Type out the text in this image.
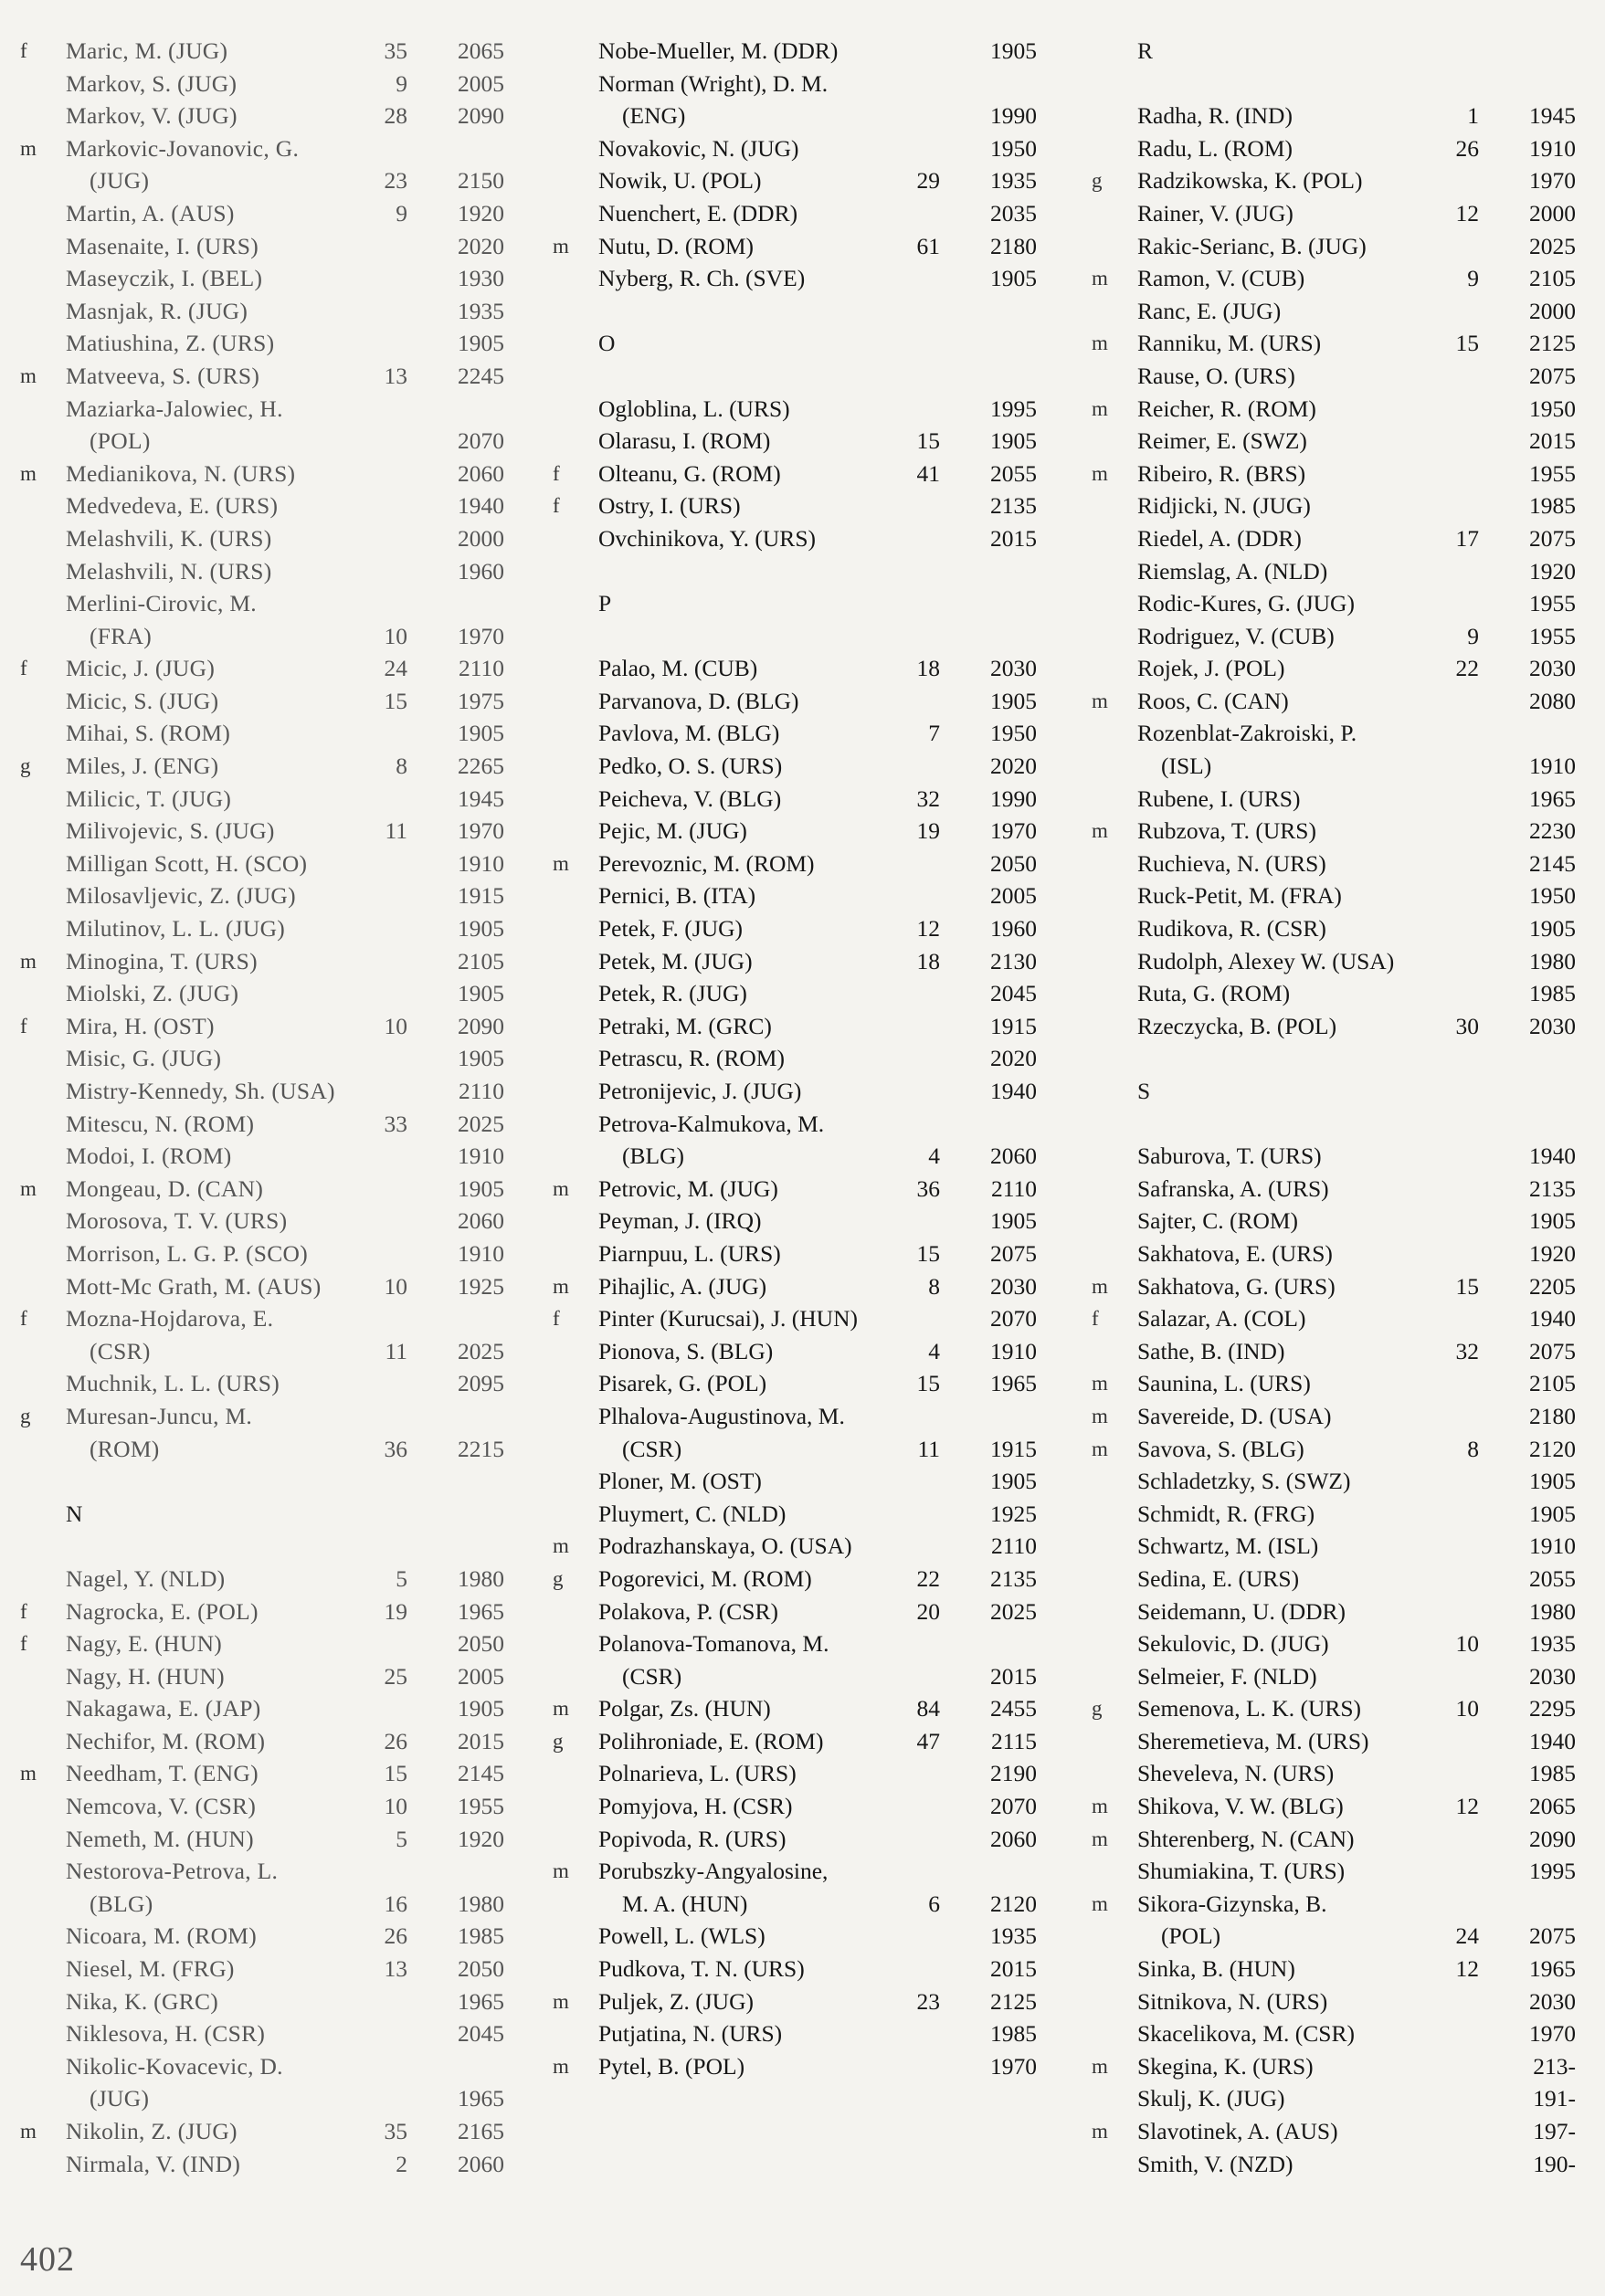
f	Maric, M. (JUG)	35	2065
Markov, S. (JUG)	9	2005
Markov, V. (JUG)	28	2090
m	Markovic-Jovanovic, G.
(JUG)	23	2150
Martin, A. (AUS)	9	1920
Masenaite, I. (URS)	2020
Maseyczik, I. (BEL)	1930
Masnjak, R. (JUG)	1935
Matiushina, Z. (URS)	1905
m	Matveeva, S. (URS)	13	2245
Maziarka-Jalowiec, H.
(POL)	2070
m	Medianikova, N. (URS)	2060
Medvedeva, E. (URS)	1940
Melashvili, K. (URS)	2000
Melashvili, N. (URS)	1960
Merlini-Cirovic, M.
(FRA)	10	1970
f	Micic, J. (JUG)	24	2110
Micic, S. (JUG)	15	1975
Mihai, S. (ROM)	1905
g	Miles, J. (ENG)	8	2265
Milicic, T. (JUG)	1945
Milivojevic, S. (JUG)	11	1970
Milligan Scott, H. (SCO)	1910
Milosavljevic, Z. (JUG)	1915
Milutinov, L. L. (JUG)	1905
m	Minogina, T. (URS)	2105
Miolski, Z. (JUG)	1905
f	Mira, H. (OST)	10	2090
Misic, G. (JUG)	1905
Mistry-Kennedy, Sh. (USA)	2110
Mitescu, N. (ROM)	33	2025
Modoi, I. (ROM)	1910
m	Mongeau, D. (CAN)	1905
Morosova, T. V. (URS)	2060
Morrison, L. G. P. (SCO)	1910
Mott-Mc Grath, M. (AUS)	10	1925
f	Mozna-Hojdarova, E.
(CSR)	11	2025
Muchnik, L. L. (URS)	2095
g	Muresan-Juncu, M.
(ROM)	36	2215
N
Nagel, Y. (NLD)	5	1980
f	Nagrocka, E. (POL)	19	1965
f	Nagy, E. (HUN)	2050
Nagy, H. (HUN)	25	2005
Nakagawa, E. (JAP)	1905
Nechifor, M. (ROM)	26	2015
m	Needham, T. (ENG)	15	2145
Nemcova, V. (CSR)	10	1955
Nemeth, M. (HUN)	5	1920
Nestorova-Petrova, L.
(BLG)	16	1980
Nicoara, M. (ROM)	26	1985
Niesel, M. (FRG)	13	2050
Nika, K. (GRC)	1965
Niklesova, H. (CSR)	2045
Nikolic-Kovacevic, D.
(JUG)	1965
m	Nikolin, Z. (JUG)	35	2165
Nirmala, V. (IND)	2	2060
Nobe-Mueller, M. (DDR)	1905
Norman (Wright), D. M.
(ENG)	1990
Novakovic, N. (JUG)	1950
Nowik, U. (POL)	29	1935
Nuenchert, E. (DDR)	2035
m	Nutu, D. (ROM)	61	2180
Nyberg, R. Ch. (SVE)	1905
O
Ogloblina, L. (URS)	1995
Olarasu, I. (ROM)	15	1905
f	Olteanu, G. (ROM)	41	2055
f	Ostry, I. (URS)	2135
Ovchinikova, Y. (URS)	2015
P
Palao, M. (CUB)	18	2030
Parvanova, D. (BLG)	1905
Pavlova, M. (BLG)	7	1950
Pedko, O. S. (URS)	2020
Peicheva, V. (BLG)	32	1990
Pejic, M. (JUG)	19	1970
m	Perevoznic, M. (ROM)	2050
Pernici, B. (ITA)	2005
Petek, F. (JUG)	12	1960
Petek, M. (JUG)	18	2130
Petek, R. (JUG)	2045
Petraki, M. (GRC)	1915
Petrascu, R. (ROM)	2020
Petronijevic, J. (JUG)	1940
Petrova-Kalmukova, M.
(BLG)	4	2060
m	Petrovic, M. (JUG)	36	2110
Peyman, J. (IRQ)	1905
Piarnpuu, L. (URS)	15	2075
m	Pihajlic, A. (JUG)	8	2030
f	Pinter (Kurucsai), J. (HUN)	2070
Pionova, S. (BLG)	4	1910
Pisarek, G. (POL)	15	1965
Plhalova-Augustinova, M.
(CSR)	11	1915
Ploner, M. (OST)	1905
Pluymert, C. (NLD)	1925
m	Podrazhanskaya, O. (USA)	2110
g	Pogorevici, M. (ROM)	22	2135
Polakova, P. (CSR)	20	2025
Polanova-Tomanova, M.
(CSR)	2015
m	Polgar, Zs. (HUN)	84	2455
g	Polihroniade, E. (ROM)	47	2115
Polnarieva, L. (URS)	2190
Pomyjova, H. (CSR)	2070
Popivoda, R. (URS)	2060
m	Porubszky-Angyalosine,
M. A. (HUN)	6	2120
Powell, L. (WLS)	1935
Pudkova, T. N. (URS)	2015
m	Puljek, Z. (JUG)	23	2125
Putjatina, N. (URS)	1985
m	Pytel, B. (POL)	1970
R
Radha, R. (IND)	1	1945
Radu, L. (ROM)	26	1910
g	Radzikowska, K. (POL)	1970
Rainer, V. (JUG)	12	2000
Rakic-Serianc, B. (JUG)	2025
m	Ramon, V. (CUB)	9	2105
Ranc, E. (JUG)	2000
m	Ranniku, M. (URS)	15	2125
Rause, O. (URS)	2075
m	Reicher, R. (ROM)	1950
Reimer, E. (SWZ)	2015
m	Ribeiro, R. (BRS)	1955
Ridjicki, N. (JUG)	1985
Riedel, A. (DDR)	17	2075
Riemslag, A. (NLD)	1920
Rodic-Kures, G. (JUG)	1955
Rodriguez, V. (CUB)	9	1955
Rojek, J. (POL)	22	2030
m	Roos, C. (CAN)	2080
Rozenblat-Zakroiski, P.
(ISL)	1910
Rubene, I. (URS)	1965
m	Rubzova, T. (URS)	2230
Ruchieva, N. (URS)	2145
Ruck-Petit, M. (FRA)	1950
Rudikova, R. (CSR)	1905
Rudolph, Alexey W. (USA)	1980
Ruta, G. (ROM)	1985
Rzeczycka, B. (POL)	30	2030
S
Saburova, T. (URS)	1940
Safranska, A. (URS)	2135
Sajter, C. (ROM)	1905
Sakhatova, E. (URS)	1920
m	Sakhatova, G. (URS)	15	2205
f	Salazar, A. (COL)	1940
Sathe, B. (IND)	32	2075
m	Saunina, L. (URS)	2105
m	Savereide, D. (USA)	2180
m	Savova, S. (BLG)	8	2120
Schladetzky, S. (SWZ)	1905
Schmidt, R. (FRG)	1905
Schwartz, M. (ISL)	1910
Sedina, E. (URS)	2055
Seidemann, U. (DDR)	1980
Sekulovic, D. (JUG)	10	1935
Selmeier, F. (NLD)	2030
g	Semenova, L. K. (URS)	10	2295
Sheremetieva, M. (URS)	1940
Sheveleva, N. (URS)	1985
m	Shikova, V. W. (BLG)	12	2065
m	Shterenberg, N. (CAN)	2090
Shumiakina, T. (URS)	1995
m	Sikora-Gizynska, B.
(POL)	24	2075
Sinka, B. (HUN)	12	1965
Sitnikova, N. (URS)	2030
Skacelikova, M. (CSR)	1970
m	Skegina, K. (URS)	213-
Skulj, K. (JUG)	191-
m	Slavotinek, A. (AUS)	197-
Smith, V. (NZD)	190-
402
